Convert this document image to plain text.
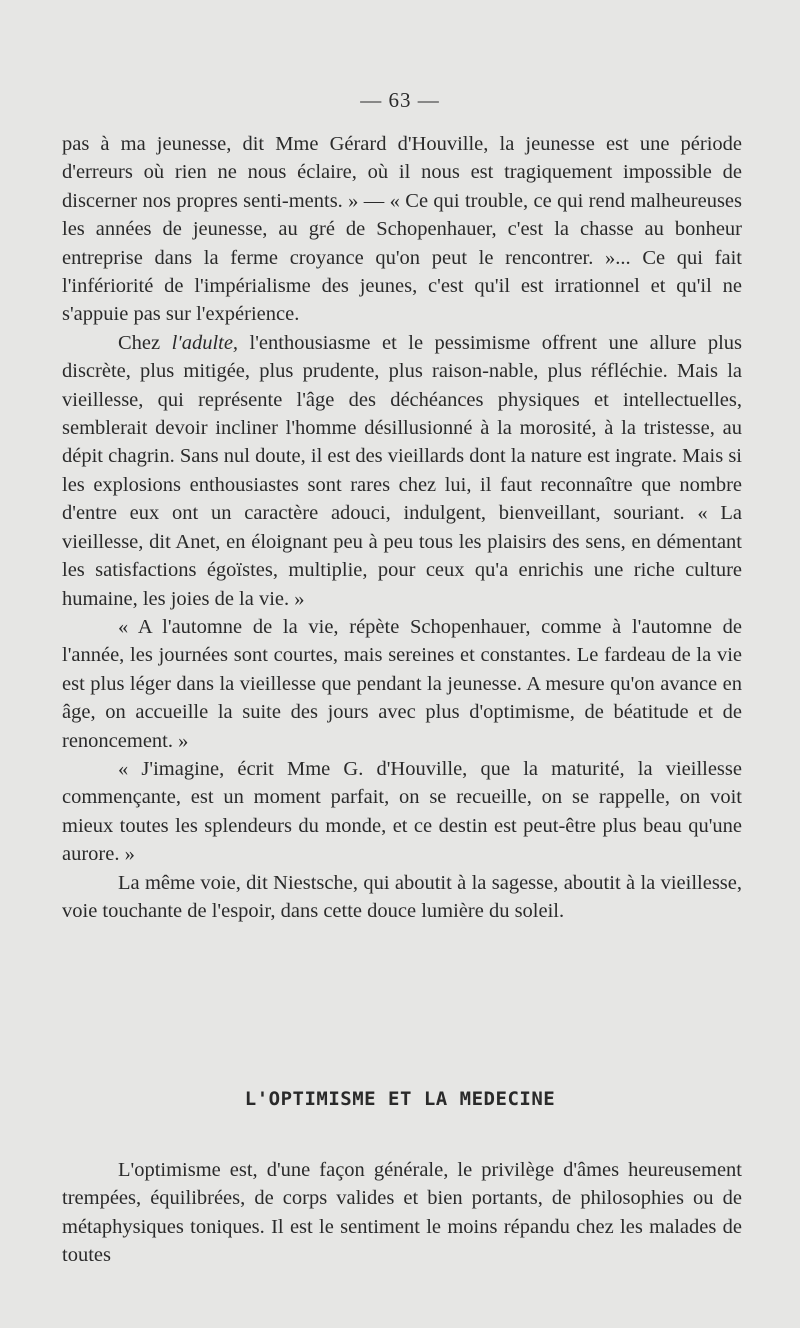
— 63 —

pas à ma jeunesse, dit Mme Gérard d'Houville, la jeunesse est une période d'erreurs où rien ne nous éclaire, où il nous est tragiquement impossible de discerner nos propres senti-ments. » — « Ce qui trouble, ce qui rend malheureuses les années de jeunesse, au gré de Schopenhauer, c'est la chasse au bonheur entreprise dans la ferme croyance qu'on peut le rencontrer. »... Ce qui fait l'infériorité de l'impérialisme des jeunes, c'est qu'il est irrationnel et qu'il ne s'appuie pas sur l'expérience.

Chez l'adulte, l'enthousiasme et le pessimisme offrent une allure plus discrète, plus mitigée, plus prudente, plus raison-nable, plus réfléchie. Mais la vieillesse, qui représente l'âge des déchéances physiques et intellectuelles, semblerait devoir incliner l'homme désillusionné à la morosité, à la tristesse, au dépit chagrin. Sans nul doute, il est des vieillards dont la nature est ingrate. Mais si les explosions enthousiastes sont rares chez lui, il faut reconnaître que nombre d'entre eux ont un caractère adouci, indulgent, bienveillant, souriant. « La vieillesse, dit Anet, en éloignant peu à peu tous les plaisirs des sens, en démentant les satisfactions égoïstes, multiplie, pour ceux qu'a enrichis une riche culture humaine, les joies de la vie. »

« A l'automne de la vie, répète Schopenhauer, comme à l'automne de l'année, les journées sont courtes, mais sereines et constantes. Le fardeau de la vie est plus léger dans la vieillesse que pendant la jeunesse. A mesure qu'on avance en âge, on accueille la suite des jours avec plus d'optimisme, de béatitude et de renoncement. »

« J'imagine, écrit Mme G. d'Houville, que la maturité, la vieillesse commençante, est un moment parfait, on se recueille, on se rappelle, on voit mieux toutes les splendeurs du monde, et ce destin est peut-être plus beau qu'une aurore. »

La même voie, dit Niestsche, qui aboutit à la sagesse, aboutit à la vieillesse, voie touchante de l'espoir, dans cette douce lumière du soleil.

L'OPTIMISME ET LA MEDECINE

L'optimisme est, d'une façon générale, le privilège d'âmes heureusement trempées, équilibrées, de corps valides et bien portants, de philosophies ou de métaphysiques toniques. Il est le sentiment le moins répandu chez les malades de toutes
